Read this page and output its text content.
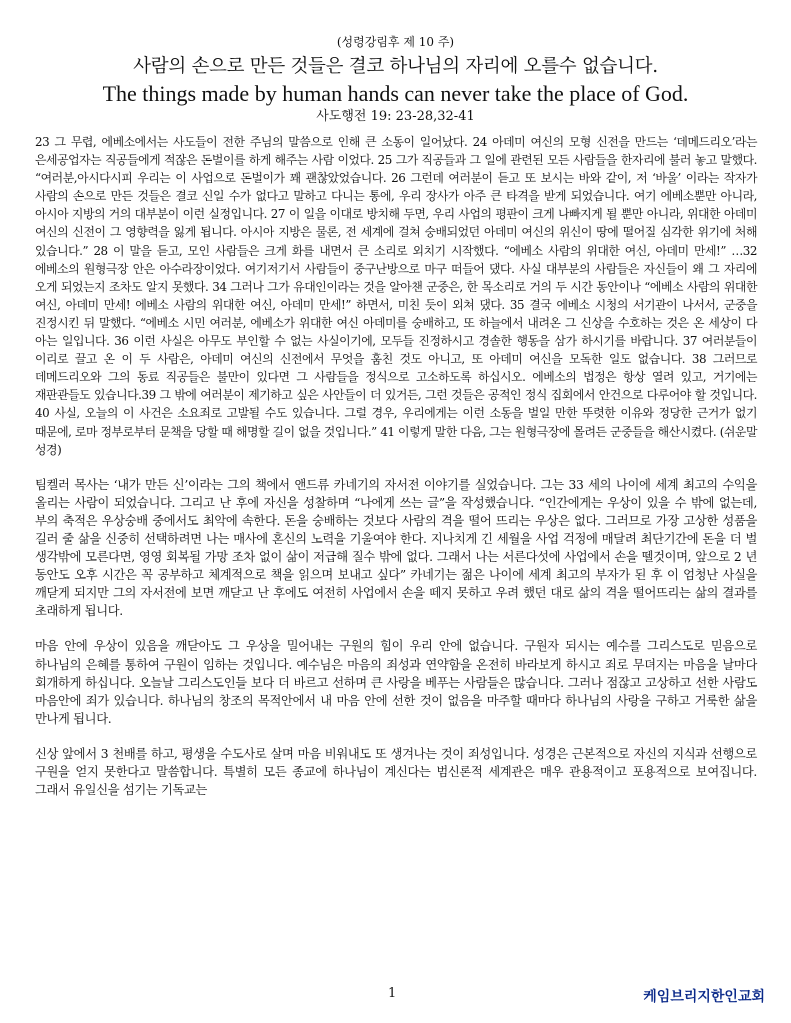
(성령강림후 제 10 주)
사람의 손으로 만든 것들은 결코 하나님의 자리에 오를수 없습니다.
The things made by human hands can never take the place of God.
사도행전 19: 23-28,32-41

23 그 무렵, 에베소에서는 사도들이 전한 주님의 말씀으로 인해 큰 소동이 일어났다. 24 아데미 여신의 모형 신전을 만드는 ‘데메드리오’라는 은세공업자는 직공들에게 적잖은 돈벌이를 하게 해주는 사람 이었다. 25 그가 직공들과 그 일에 관련된 모든 사람들을 한자리에 불러 놓고 말했다. “여러분,아시다시피 우리는 이 사업으로 돈벌이가 꽤 괜찮았었습니다. 26 그런데 여러분이 듣고 또 보시는 바와 같이, 저 ‘바울’ 이라는 작자가 사람의 손으로 만든 것들은 결코 신일 수가 없다고 말하고 다니는 통에, 우리 장사가 아주 큰 타격을 받게 되었습니다. 여기 에베소뿐만 아니라, 아시아 지방의 거의 대부분이 이런 실정입니다. 27 이 일을 이대로 방치해 두면, 우리 사업의 평판이 크게 나빠지게 될 뿐만 아니라, 위대한 아데미 여신의 신전이 그 영향력을 잃게 됩니다. 아시아 지방은 물론, 전 세계에 걸쳐 숭배되었던 아데미 여신의 위신이 땅에 떨어질 심각한 위기에 처해 있습니다.” 28 이 말을 듣고, 모인 사람들은 크게 화를 내면서 큰 소리로 외치기 시작했다. “에베소 사람의 위대한 여신, 아데미 만세!” …32 에베소의 원형극장 안은 아수라장이었다. 여기저기서 사람들이 중구난방으로 마구 떠들어 댔다. 사실 대부분의 사람들은 자신들이 왜 그 자리에 오게 되었는지 조차도 알지 못했다. 34 그러나 그가 유대인이라는 것을 알아챈 군중은, 한 목소리로 거의 두 시간 동안이나 “에베소 사람의 위대한 여신, 아데미 만세! 에베소 사람의 위대한 여신, 아데미 만세!” 하면서, 미친 듯이 외쳐 댔다. 35 결국 에베소 시청의 서기관이 나서서, 군중을 진정시킨 뒤 말했다. “에베소 시민 여러분, 에베소가 위대한 여신 아데미를 숭배하고, 또 하늘에서 내려온 그 신상을 수호하는 것은 온 세상이 다 아는 일입니다. 36 이런 사실은 아무도 부인할 수 없는 사실이기에, 모두들 진정하시고 경솔한 행동을 삼가 하시기를 바랍니다. 37 여러분들이 이리로 끌고 온 이 두 사람은, 아데미 여신의 신전에서 무엇을 훔친 것도 아니고, 또 아데미 여신을 모독한 일도 없습니다. 38 그러므로 데메드리오와 그의 동료 직공들은 불만이 있다면 그 사람들을 정식으로 고소하도록 하십시오. 에베소의 법정은 항상 열려 있고, 거기에는 재판관들도 있습니다.39 그 밖에 여러분이 제기하고 싶은 사안들이 더 있거든, 그런 것들은 공적인 정식 집회에서 안건으로 다루어야 할 것입니다. 40 사실, 오늘의 이 사건은 소요죄로 고발될 수도 있습니다. 그럴 경우, 우리에게는 이런 소동을 벌일 만한 뚜렷한 이유와 정당한 근거가 없기 때문에, 로마 정부로부터 문책을 당할 때 해명할 길이 없을 것입니다.” 41 이렇게 말한 다음, 그는 원형극장에 몰려든 군중들을 해산시켰다. (쉬운말 성경)

팀켈러 목사는 ‘내가 만든 신’이라는 그의 책에서 앤드류 카네기의 자서전 이야기를 실었습니다. 그는 33 세의 나이에 세계 최고의 수익을 올리는 사람이 되었습니다. 그리고 난 후에 자신을 성찰하며 “나에게 쓰는 글”을 작성했습니다. “인간에게는 우상이 있을 수 밖에 없는데, 부의 축적은 우상숭배 중에서도 최악에 속한다. 돈을 숭배하는 것보다 사람의 격을 떨어 뜨리는 우상은 없다. 그러므로 가장 고상한 성품을 길러 줄 삶을 신중히 선택하려면 나는 매사에 혼신의 노력을 기울여야 한다. 지나치게 긴 세월을 사업 걱정에 매달려 최단기간에 돈을 더 벌 생각밖에 모른다면, 영영 회복될 가망 조차 없이 삶이 저급해 질수 밖에 없다. 그래서 나는 서른다섯에 사업에서 손을 뗄것이며, 앞으로 2 년 동안도 오후 시간은 꼭 공부하고 체계적으로 책을 읽으며 보내고 싶다” 카네기는 젊은 나이에 세계 최고의 부자가 된 후 이 엄청난 사실을 깨닫게 되지만 그의 자서전에 보면 깨닫고 난 후에도 여전히 사업에서 손을 떼지 못하고 우려 했던 대로 삶의 격을 떨어뜨리는 삶의 결과를 초래하게 됩니다.

마음 안에 우상이 있음을 깨닫아도 그 우상을 밀어내는 구원의 힘이 우리 안에 없습니다. 구원자 되시는 예수를 그리스도로 믿음으로 하나님의 은혜를 통하여 구원이 임하는 것입니다. 예수님은 마음의 죄성과 연약함을 온전히 바라보게 하시고 죄로 무뎌지는 마음을 날마다 회개하게 하십니다. 오늘날 그리스도인들 보다 더 바르고 선하며 큰 사랑을 베푸는 사람들은 많습니다. 그러나 점잖고 고상하고 선한 사람도 마음안에 죄가 있습니다. 하나님의 창조의 목적안에서 내 마음 안에 선한 것이 없음을 마주할 때마다 하나님의 사랑을 구하고 거룩한 삶을 만나게 됩니다.

신상 앞에서 3 천배를 하고, 평생을 수도사로 살며 마음 비워내도 또 생겨나는 것이 죄성입니다. 성경은 근본적으로 자신의 지식과 선행으로 구원을 얻지 못한다고 말씀합니다. 특별히 모든 종교에 하나님이 계신다는 범신론적 세계관은 매우 관용적이고 포용적으로 보여집니다. 그래서 유일신을 섬기는 기독교는

1	케임브리지한인교회
